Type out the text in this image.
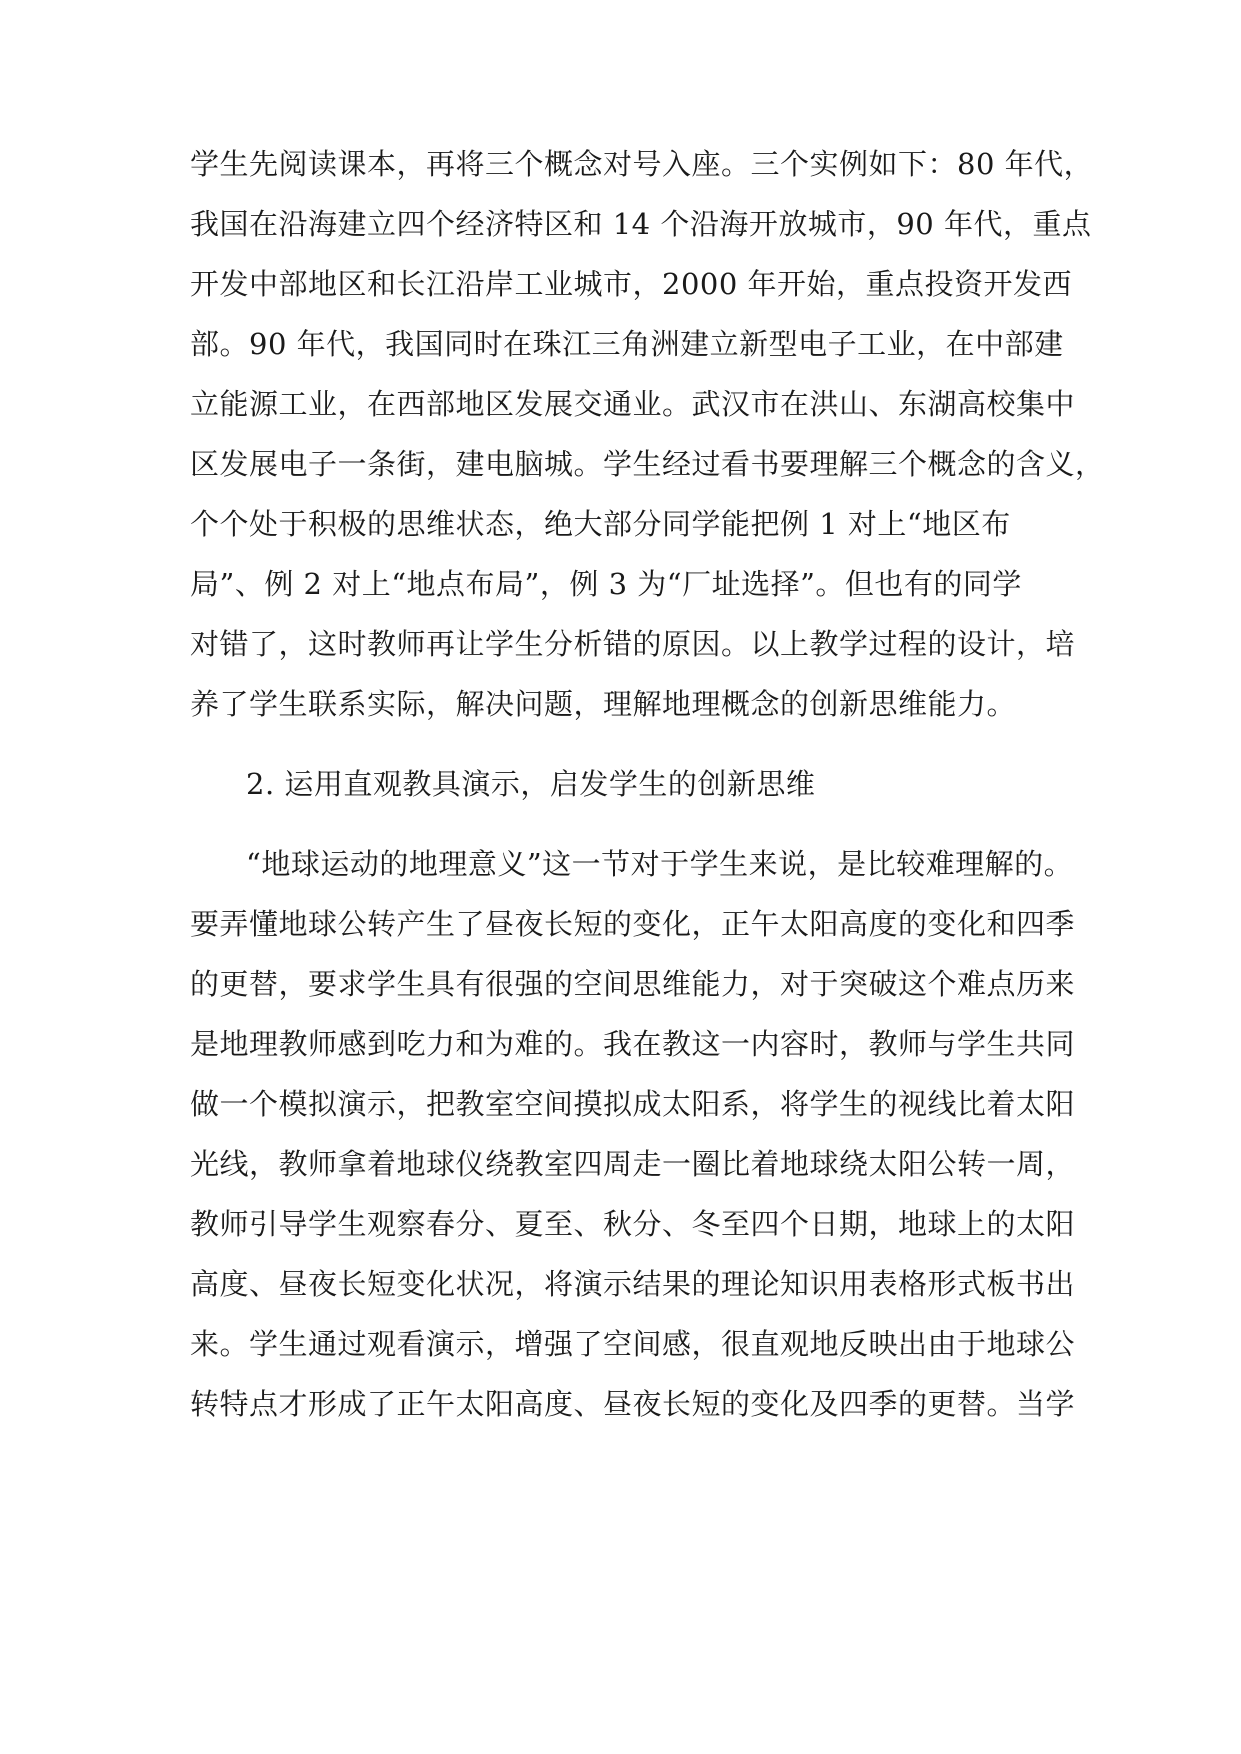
学生先阅读课本，再将三个概念对号入座。三个实例如下：80 年代，
我国在沿海建立四个经济特区和 14 个沿海开放城市，90 年代，重点
开发中部地区和长江沿岸工业城市，2000 年开始，重点投资开发西
部。90 年代，我国同时在珠江三角洲建立新型电子工业，在中部建
立能源工业，在西部地区发展交通业。武汉市在洪山、东湖高校集中
区发展电子一条街，建电脑城。学生经过看书要理解三个概念的含义，
个个处于积极的思维状态，绝大部分同学能把例 1 对上“地区布
局”、例 2 对上“地点布局”，例 3 为“厂址选择”。但也有的同学
对错了，这时教师再让学生分析错的原因。以上教学过程的设计，培
养了学生联系实际，解决问题，理解地理概念的创新思维能力。
2. 运用直观教具演示，启发学生的创新思维
“地球运动的地理意义”这一节对于学生来说，是比较难理解的。
要弄懂地球公转产生了昼夜长短的变化，正午太阳高度的变化和四季
的更替，要求学生具有很强的空间思维能力，对于突破这个难点历来
是地理教师感到吃力和为难的。我在教这一内容时，教师与学生共同
做一个模拟演示，把教室空间摸拟成太阳系，将学生的视线比着太阳
光线，教师拿着地球仪绕教室四周走一圈比着地球绕太阳公转一周，
教师引导学生观察春分、夏至、秋分、冬至四个日期，地球上的太阳
高度、昼夜长短变化状况，将演示结果的理论知识用表格形式板书出
来。学生通过观看演示，增强了空间感，很直观地反映出由于地球公
转特点才形成了正午太阳高度、昼夜长短的变化及四季的更替。当学
